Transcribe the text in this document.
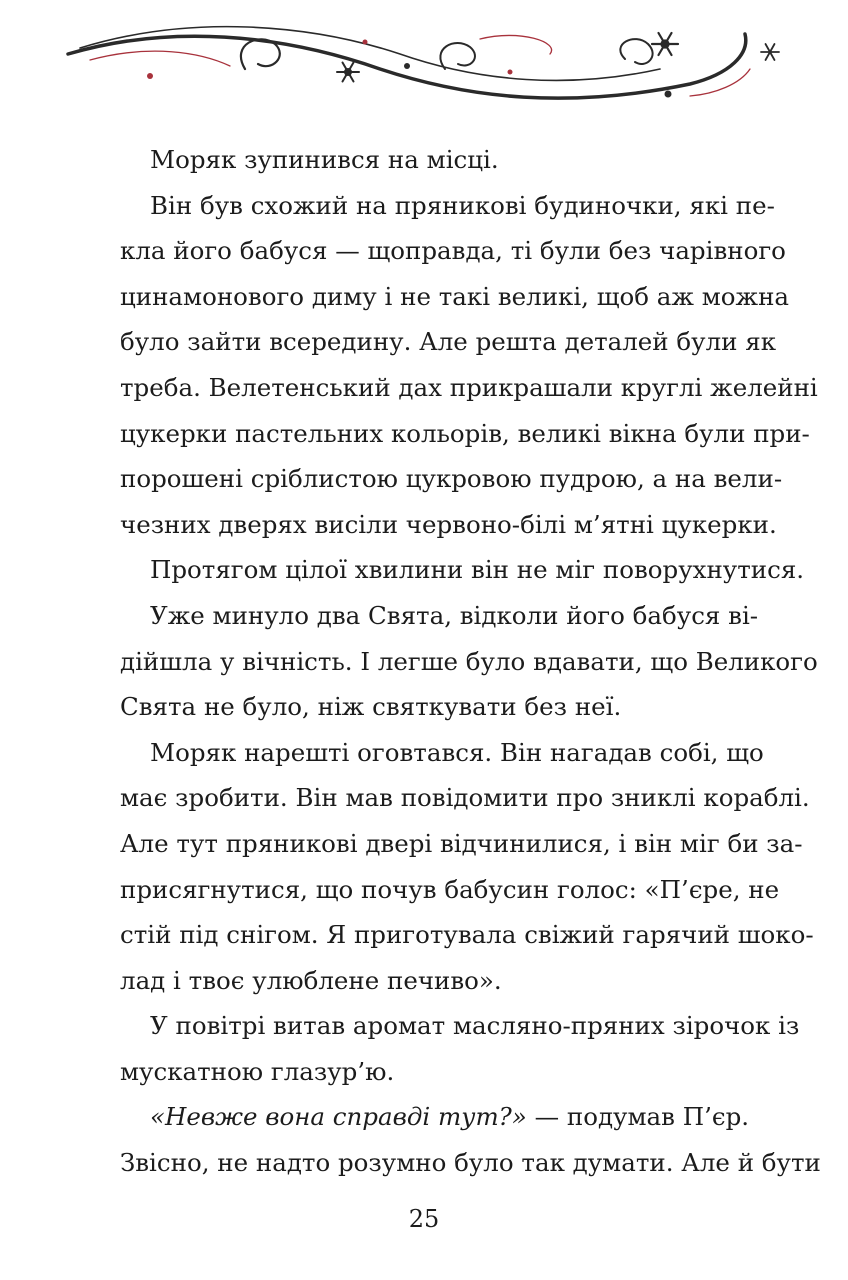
Моряк зупинився на місці.
Він був схожий на пряникові будиночки, які пе-
кла його бабуся — щоправда, ті були без чарівного
цинамонового диму і не такі великі, щоб аж можна
було зайти всередину. Але решта деталей були як
треба. Велетенський дах прикрашали круглі желейні
цукерки пастельних кольорів, великі вікна були при-
порошені сріблистою цукровою пудрою, а на вели-
чезних дверях висіли червоно-білі м’ятні цукерки.
Протягом цілої хвилини він не міг поворухнутися.
Уже минуло два Свята, відколи його бабуся ві-
дійшла у вічність. І легше було вдавати, що Великого
Свята не було, ніж святкувати без неї.
Моряк нарешті оговтався. Він нагадав собі, що
має зробити. Він мав повідомити про зниклі кораблі.
Але тут пряникові двері відчинилися, і він міг би за-
присягнутися, що почув бабусин голос: «П’єре, не
стій під снігом. Я приготувала свіжий гарячий шоко-
лад і твоє улюблене печиво».
У повітрі витав аромат масляно-пряних зірочок із
мускатною глазур’ю.
«Невже вона справді тут?» — подумав П’єр.
Звісно, не надто розумно було так думати. Але й бути
25
